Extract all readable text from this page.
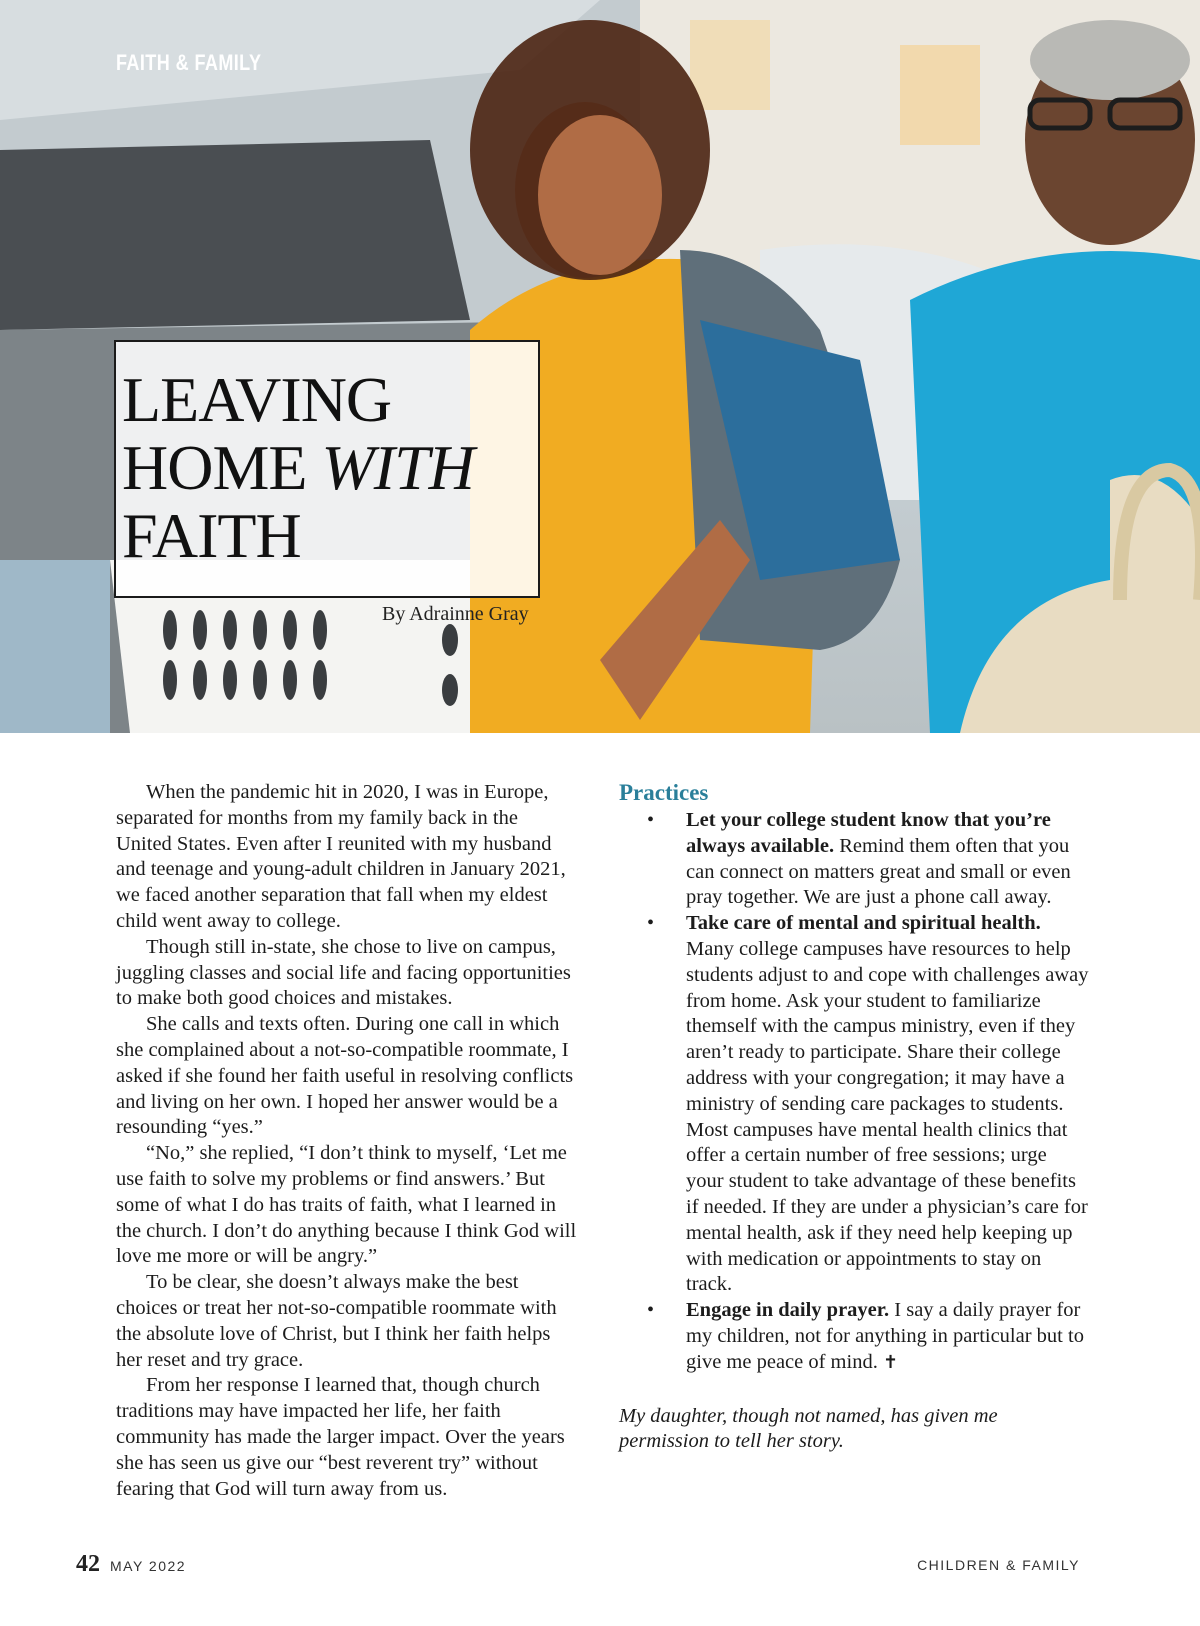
FAITH & FAMILY
LEAVING
HOME WITH
FAITH
By Adrainne Gray

When the pandemic hit in 2020, I was in Europe, separated for months from my family back in the United States. Even after I reunited with my husband and teenage and young-adult children in January 2021, we faced another separation that fall when my eldest child went away to college.

Though still in-state, she chose to live on campus, juggling classes and social life and facing opportunities to make both good choices and mistakes.

She calls and texts often. During one call in which she complained about a not-so-compatible roommate, I asked if she found her faith useful in resolving conflicts and living on her own. I hoped her answer would be a resounding “yes.”

“No,” she replied, “I don’t think to myself, ‘Let me use faith to solve my problems or find answers.’ But some of what I do has traits of faith, what I learned in the church. I don’t do anything because I think God will love me more or will be angry.”

To be clear, she doesn’t always make the best choices or treat her not-so-compatible roommate with the absolute love of Christ, but I think her faith helps her reset and try grace.

From her response I learned that, though church traditions may have impacted her life, her faith community has made the larger impact. Over the years she has seen us give our “best reverent try” without fearing that God will turn away from us.

Practices
• Let your college student know that you’re always available. Remind them often that you can connect on matters great and small or even pray together. We are just a phone call away.
• Take care of mental and spiritual health. Many college campuses have resources to help students adjust to and cope with challenges away from home. Ask your student to familiarize themself with the campus ministry, even if they aren’t ready to participate. Share their college address with your congregation; it may have a ministry of sending care packages to students. Most campuses have mental health clinics that offer a certain number of free sessions; urge your student to take advantage of these benefits if needed. If they are under a physician’s care for mental health, ask if they need help keeping up with medication or appointments to stay on track.
• Engage in daily prayer. I say a daily prayer for my children, not for anything in particular but to give me peace of mind. ✝

My daughter, though not named, has given me permission to tell her story.

42 MAY 2022	CHILDREN & FAMILY
